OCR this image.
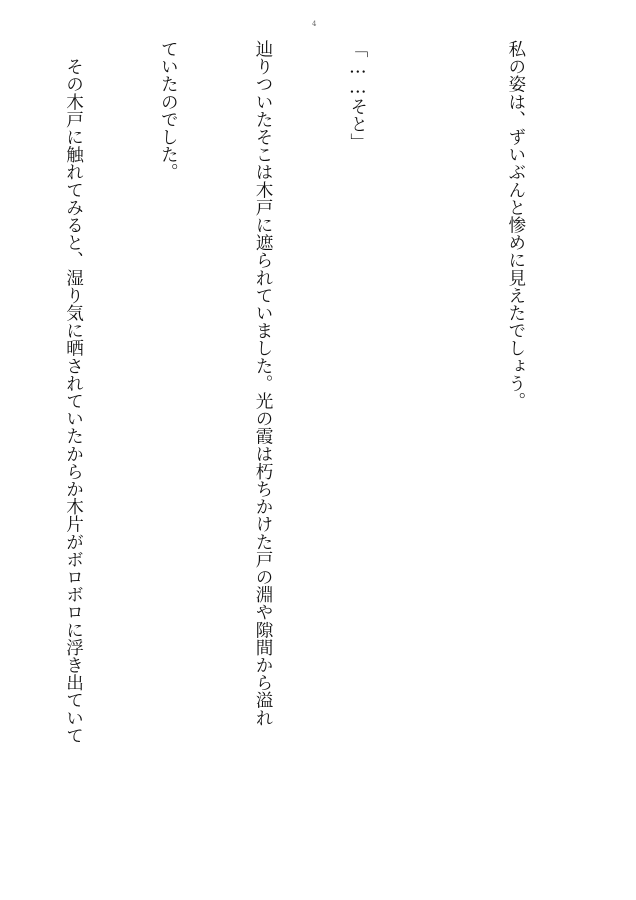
4

私の姿は、ずいぶんと惨めに見えたでしょう。

「……そと」

辿りついたそこは木戸に遮られていました。光の霞は朽ちかけた戸の淵や隙間から溢れ

ていたのでした。

　その木戸に触れてみると、湿り気に晒されていたからか木片がボロボロに浮き出ていて
